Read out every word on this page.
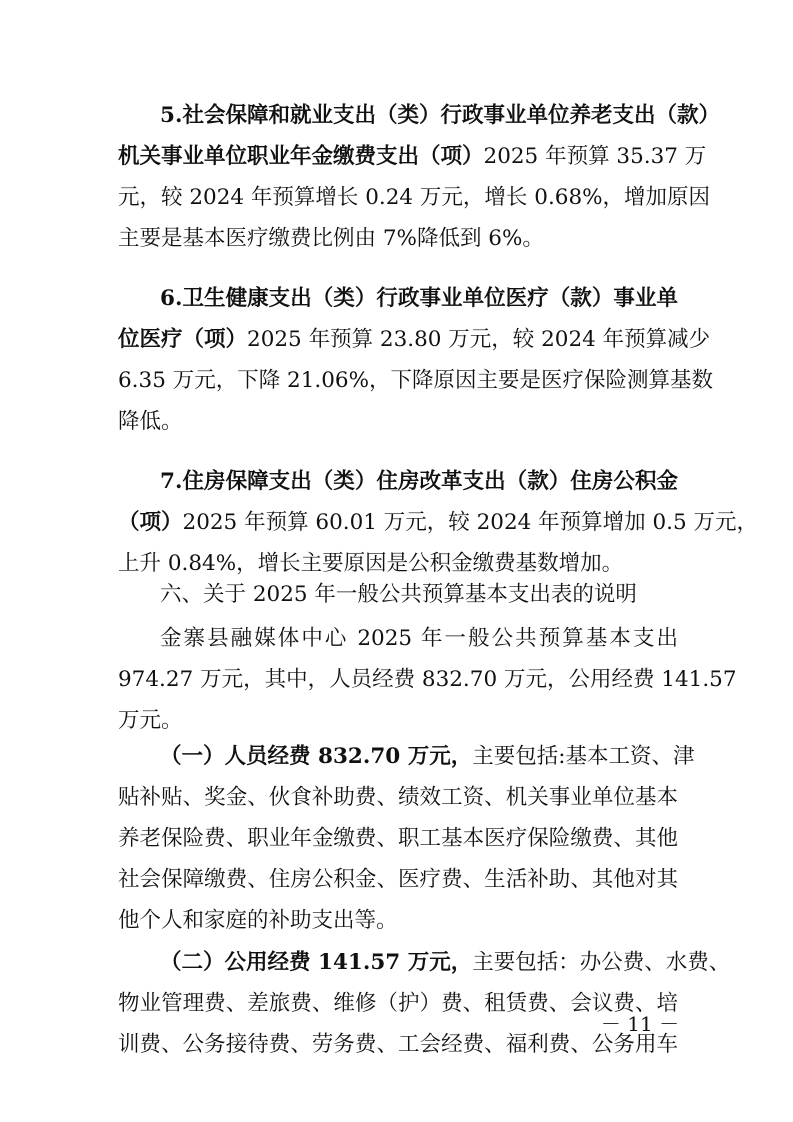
5.社会保障和就业支出（类）行政事业单位养老支出（款）
机关事业单位职业年金缴费支出（项）2025 年预算 35.37 万
元，较 2024 年预算增长 0.24 万元，增长 0.68%，增加原因
主要是基本医疗缴费比例由 7%降低到 6%。
6.卫生健康支出（类）行政事业单位医疗（款）事业单
位医疗（项）2025 年预算 23.80 万元，较 2024 年预算减少
6.35 万元，下降 21.06%，下降原因主要是医疗保险测算基数
降低。
7.住房保障支出（类）住房改革支出（款）住房公积金
（项）2025 年预算 60.01 万元，较 2024 年预算增加 0.5 万元，
上升 0.84%，增长主要原因是公积金缴费基数增加。
六、关于 2025 年一般公共预算基本支出表的说明
金寨县融媒体中心 2025 年一般公共预算基本支出
974.27 万元，其中，人员经费 832.70 万元，公用经费 141.57
万元。
（一）人员经费 832.70 万元，主要包括:基本工资、津
贴补贴、奖金、伙食补助费、绩效工资、机关事业单位基本
养老保险费、职业年金缴费、职工基本医疗保险缴费、其他
社会保障缴费、住房公积金、医疗费、生活补助、其他对其
他个人和家庭的补助支出等。
（二）公用经费 141.57 万元，主要包括：办公费、水费、
物业管理费、差旅费、维修（护）费、租赁费、会议费、培
训费、公务接待费、劳务费、工会经费、福利费、公务用车
－ 11 －
